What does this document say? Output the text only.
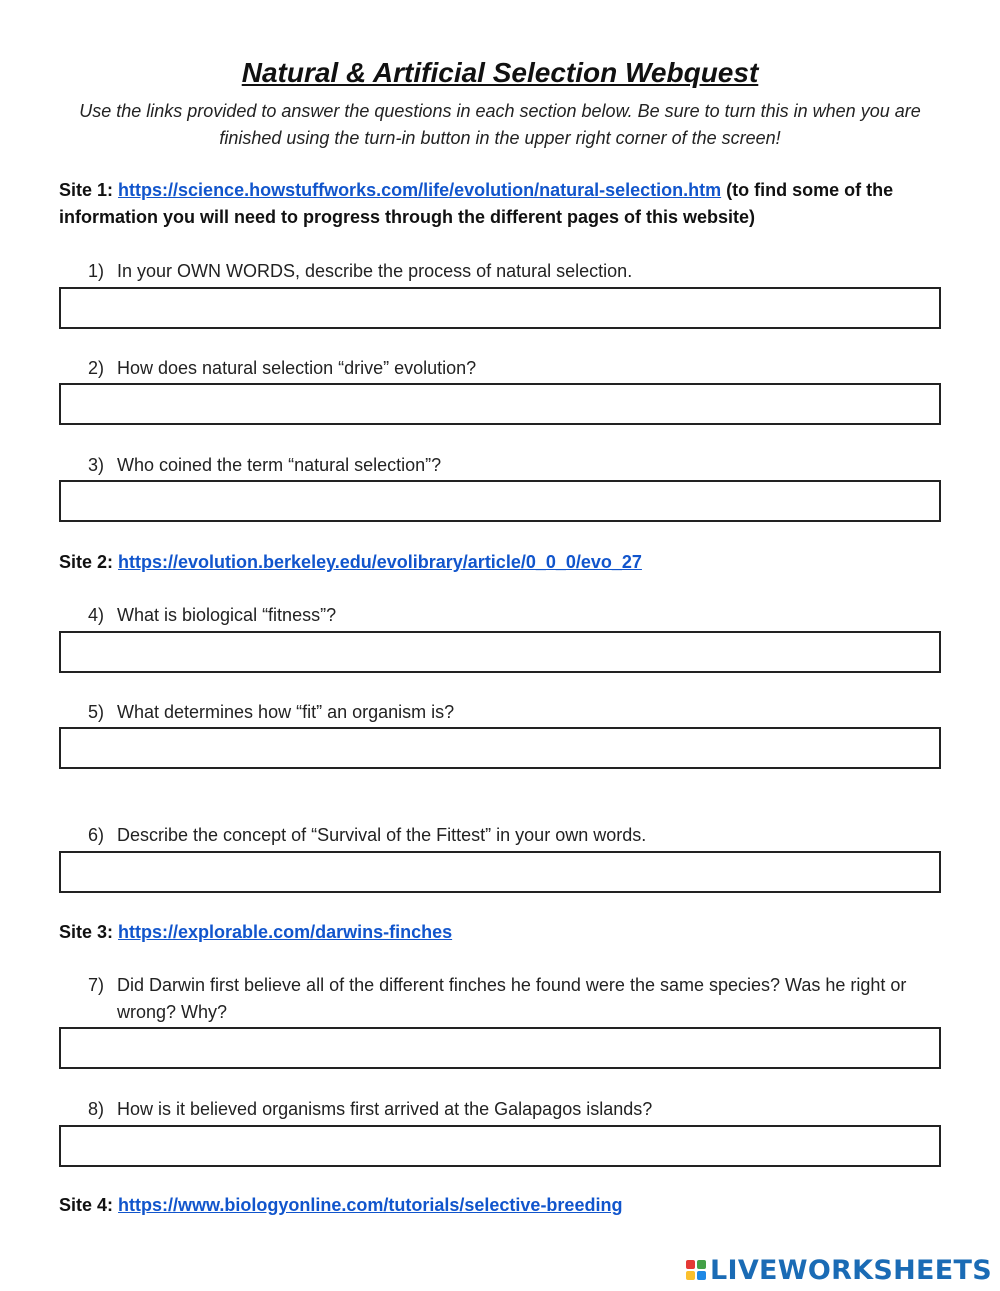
Natural & Artificial Selection Webquest
Use the links provided to answer the questions in each section below. Be sure to turn this in when you are finished using the turn-in button in the upper right corner of the screen!
Site 1: https://science.howstuffworks.com/life/evolution/natural-selection.htm (to find some of the information you will need to progress through the different pages of this website)
1) In your OWN WORDS, describe the process of natural selection.
2) How does natural selection “drive” evolution?
3) Who coined the term “natural selection”?
Site 2: https://evolution.berkeley.edu/evolibrary/article/0_0_0/evo_27
4) What is biological “fitness”?
5) What determines how “fit” an organism is?
6) Describe the concept of “Survival of the Fittest” in your own words.
Site 3: https://explorable.com/darwins-finches
7) Did Darwin first believe all of the different finches he found were the same species? Was he right or wrong? Why?
8) How is it believed organisms first arrived at the Galapagos islands?
Site 4: https://www.biologyonline.com/tutorials/selective-breeding
LIVEWORKSHEETS
